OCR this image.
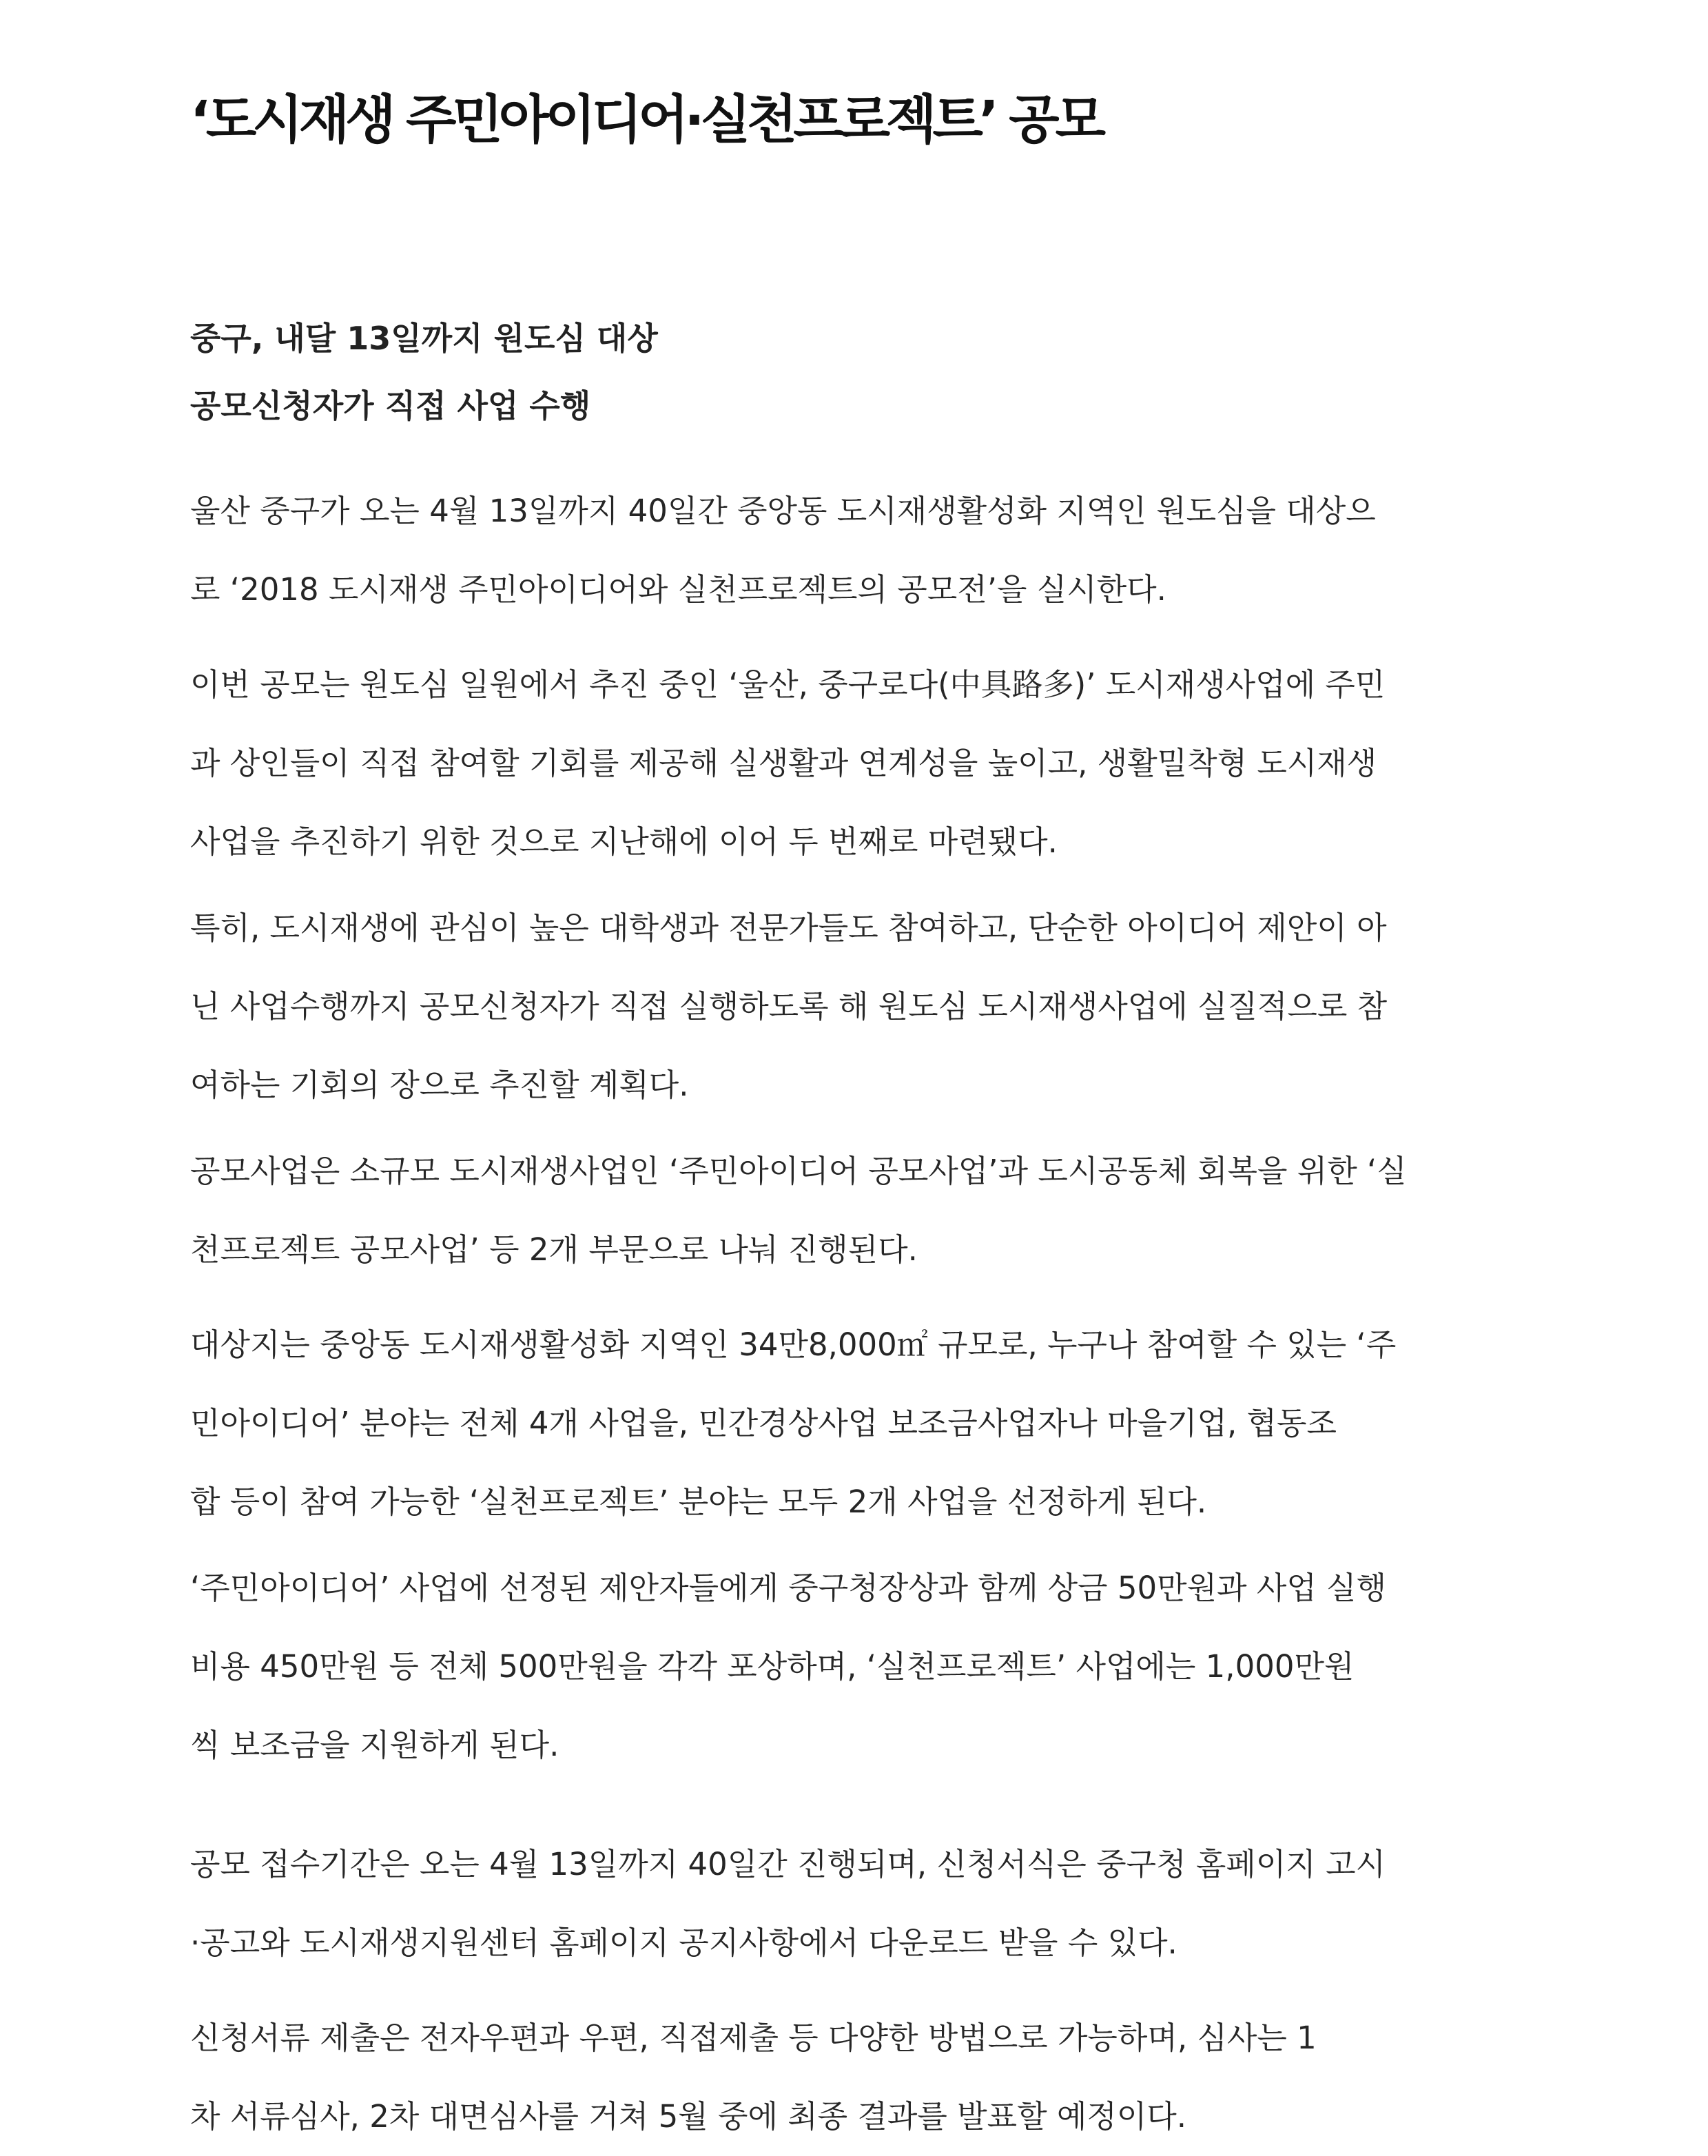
‘도시재생 주민아이디어·실천프로젝트’ 공모

중구, 내달 13일까지 원도심 대상

공모신청자가 직접 사업 수행

울산 중구가 오는 4월 13일까지 40일간 중앙동 도시재생활성화 지역인 원도심을 대상으
로 ‘2018 도시재생 주민아이디어와 실천프로젝트의 공모전’을 실시한다.

이번 공모는 원도심 일원에서 추진 중인 ‘울산, 중구로다(中具路多)’ 도시재생사업에 주민
과 상인들이 직접 참여할 기회를 제공해 실생활과 연계성을 높이고, 생활밀착형 도시재생
사업을 추진하기 위한 것으로 지난해에 이어 두 번째로 마련됐다.

특히, 도시재생에 관심이 높은 대학생과 전문가들도 참여하고, 단순한 아이디어 제안이 아
닌 사업수행까지 공모신청자가 직접 실행하도록 해 원도심 도시재생사업에 실질적으로 참
여하는 기회의 장으로 추진할 계획다.

공모사업은 소규모 도시재생사업인 ‘주민아이디어 공모사업’과 도시공동체 회복을 위한 ‘실
천프로젝트 공모사업’ 등 2개 부문으로 나눠 진행된다.

대상지는 중앙동 도시재생활성화 지역인 34만8,000㎡ 규모로, 누구나 참여할 수 있는 ‘주
민아이디어’ 분야는 전체 4개 사업을, 민간경상사업 보조금사업자나 마을기업, 협동조
합 등이 참여 가능한 ‘실천프로젝트’ 분야는 모두 2개 사업을 선정하게 된다.

‘주민아이디어’ 사업에 선정된 제안자들에게 중구청장상과 함께 상금 50만원과 사업 실행
비용 450만원 등 전체 500만원을 각각 포상하며, ‘실천프로젝트’ 사업에는 1,000만원
씩 보조금을 지원하게 된다.

공모 접수기간은 오는 4월 13일까지 40일간 진행되며, 신청서식은 중구청 홈페이지 고시
·공고와 도시재생지원센터 홈페이지 공지사항에서 다운로드 받을 수 있다.

신청서류 제출은 전자우편과 우편, 직접제출 등 다양한 방법으로 가능하며, 심사는 1
차 서류심사, 2차 대면심사를 거쳐 5월 중에 최종 결과를 발표할 예정이다.
